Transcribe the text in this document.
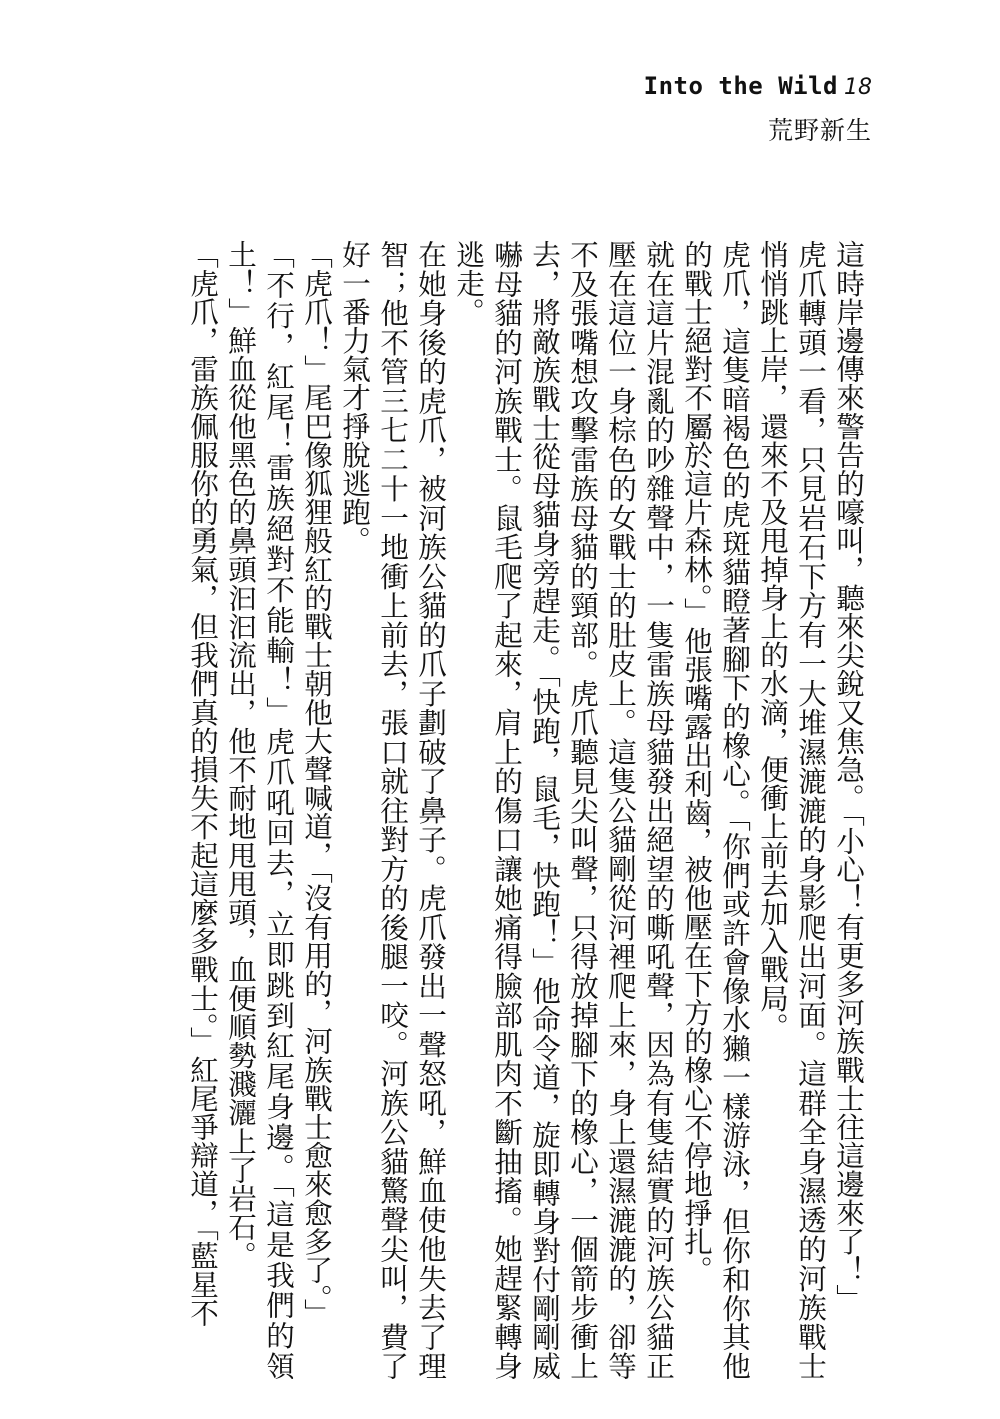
Into the Wild 18
荒野新生

這時岸邊傳來警告的嚎叫，聽來尖銳又焦急。「小心！有更多河族戰士往這邊來了！」

虎爪轉頭一看，只見岩石下方有一大堆濕漉漉的身影爬出河面。這群全身濕透的河族戰士悄悄跳上岸，還來不及甩掉身上的水滴，便衝上前去加入戰局。

虎爪，這隻暗褐色的虎斑貓瞪著腳下的橡心。「你們或許會像水獺一樣游泳，但你和你其他的戰士絕對不屬於這片森林。」他張嘴露出利齒，被他壓在下方的橡心不停地掙扎。

就在這片混亂的吵雜聲中，一隻雷族母貓發出絕望的嘶吼聲，因為有隻結實的河族公貓正壓在這位一身棕色的女戰士的肚皮上。這隻公貓剛從河裡爬上來，身上還濕漉漉的，卻等不及張嘴想攻擊雷族母貓的頸部。虎爪聽見尖叫聲，只得放掉腳下的橡心，一個箭步衝上去，將敵族戰士從母貓身旁趕走。「快跑，鼠毛，快跑！」他命令道，旋即轉身對付剛剛威嚇母貓的河族戰士。鼠毛爬了起來，肩上的傷口讓她痛得臉部肌肉不斷抽搐。她趕緊轉身逃走。

在她身後的虎爪，被河族公貓的爪子劃破了鼻子。虎爪發出一聲怒吼，鮮血使他失去了理智；他不管三七二十一地衝上前去，張口就往對方的後腿一咬。河族公貓驚聲尖叫，費了好一番力氣才掙脫逃跑。

「虎爪！」尾巴像狐狸般紅的戰士朝他大聲喊道，「沒有用的，河族戰士愈來愈多了。」

「不行，紅尾！雷族絕對不能輸！」虎爪吼回去，立即跳到紅尾身邊。「這是我們的領土！」鮮血從他黑色的鼻頭汩汩流出，他不耐地甩甩頭，血便順勢濺灑上了岩石。

「虎爪，雷族佩服你的勇氣，但我們真的損失不起這麼多戰士。」紅尾爭辯道，「藍星不
